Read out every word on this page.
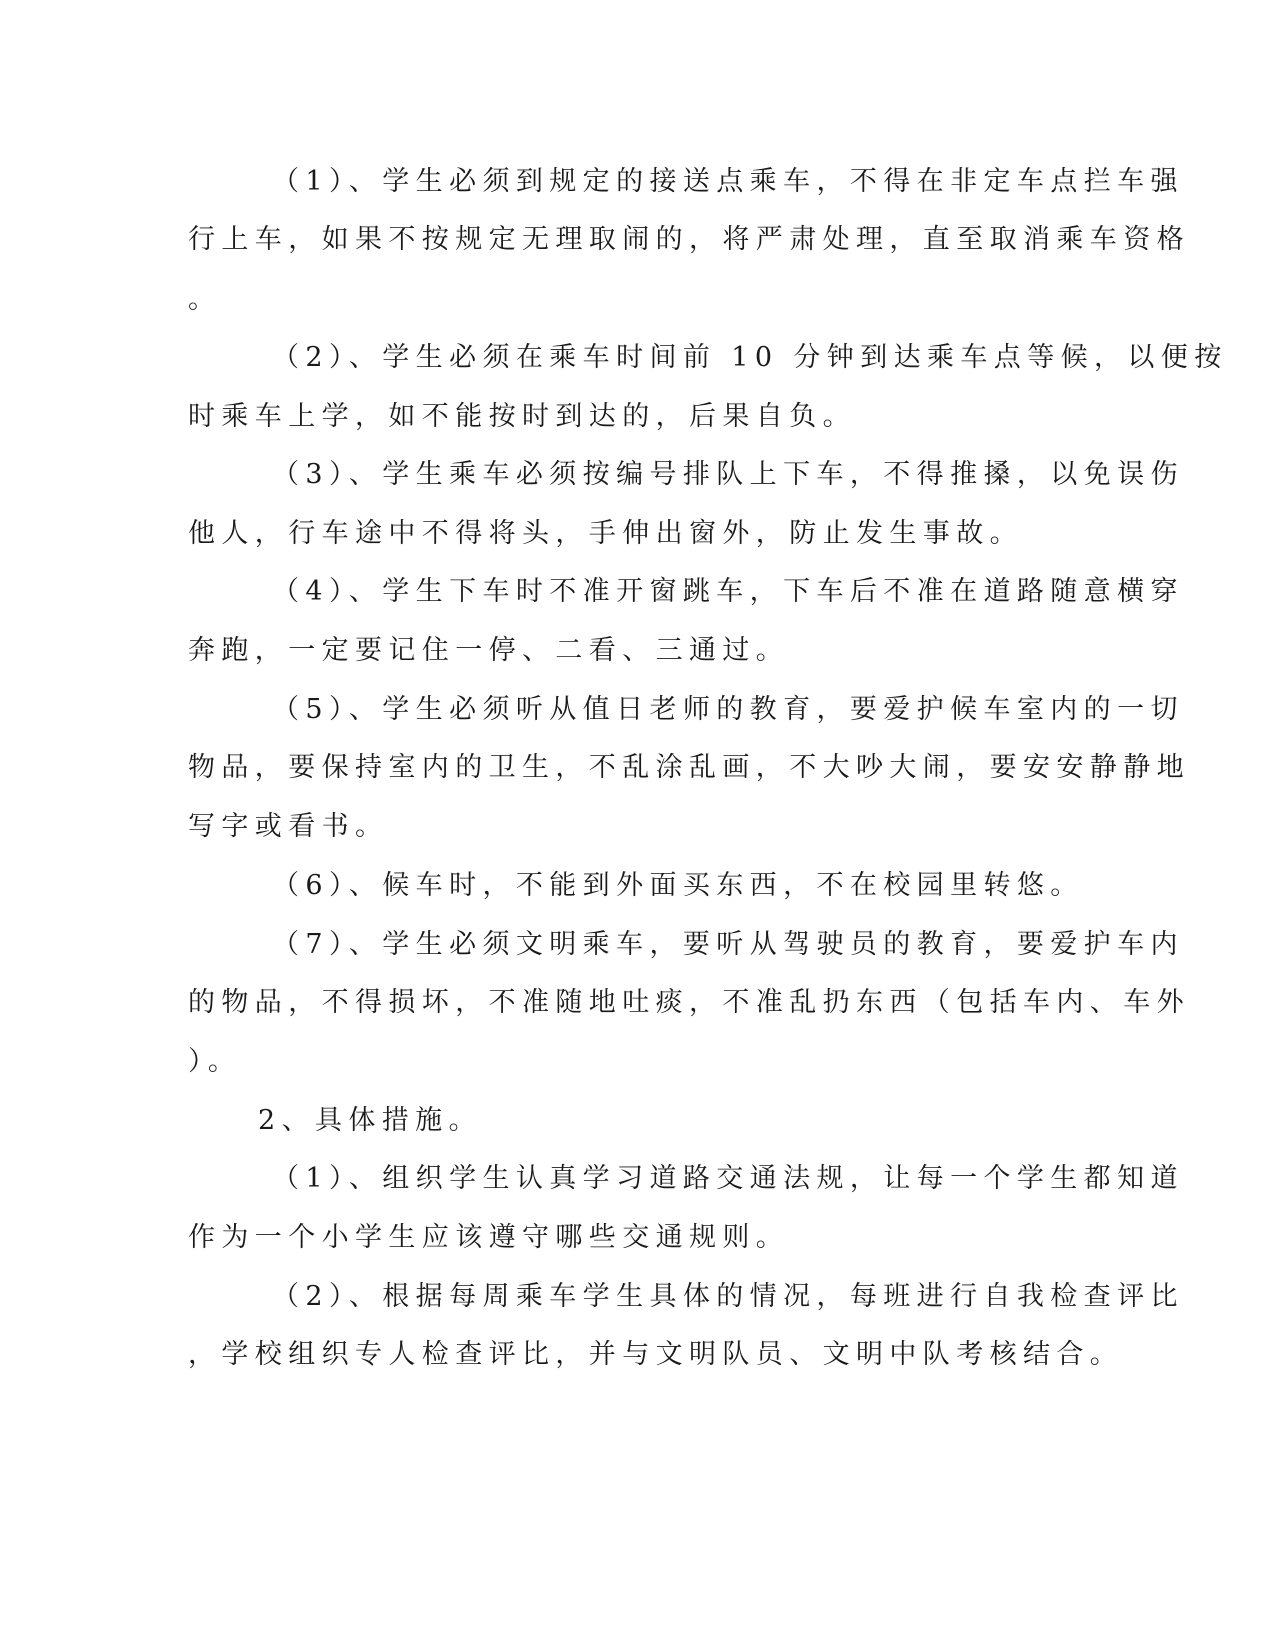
（1）、学生必须到规定的接送点乘车，不得在非定车点拦车强
行上车，如果不按规定无理取闹的，将严肃处理，直至取消乘车资格
。
（2）、学生必须在乘车时间前 10 分钟到达乘车点等候，以便按
时乘车上学，如不能按时到达的，后果自负。
（3）、学生乘车必须按编号排队上下车，不得推搡，以免误伤
他人，行车途中不得将头，手伸出窗外，防止发生事故。
（4）、学生下车时不准开窗跳车，下车后不准在道路随意横穿
奔跑，一定要记住一停、二看、三通过。
（5）、学生必须听从值日老师的教育，要爱护候车室内的一切
物品，要保持室内的卫生，不乱涂乱画，不大吵大闹，要安安静静地
写字或看书。
（6）、候车时，不能到外面买东西，不在校园里转悠。
（7）、学生必须文明乘车，要听从驾驶员的教育，要爱护车内
的物品，不得损坏，不准随地吐痰，不准乱扔东西（包括车内、车外
）。
2、具体措施。
（1）、组织学生认真学习道路交通法规，让每一个学生都知道
作为一个小学生应该遵守哪些交通规则。
（2）、根据每周乘车学生具体的情况，每班进行自我检查评比
，学校组织专人检查评比，并与文明队员、文明中队考核结合。
